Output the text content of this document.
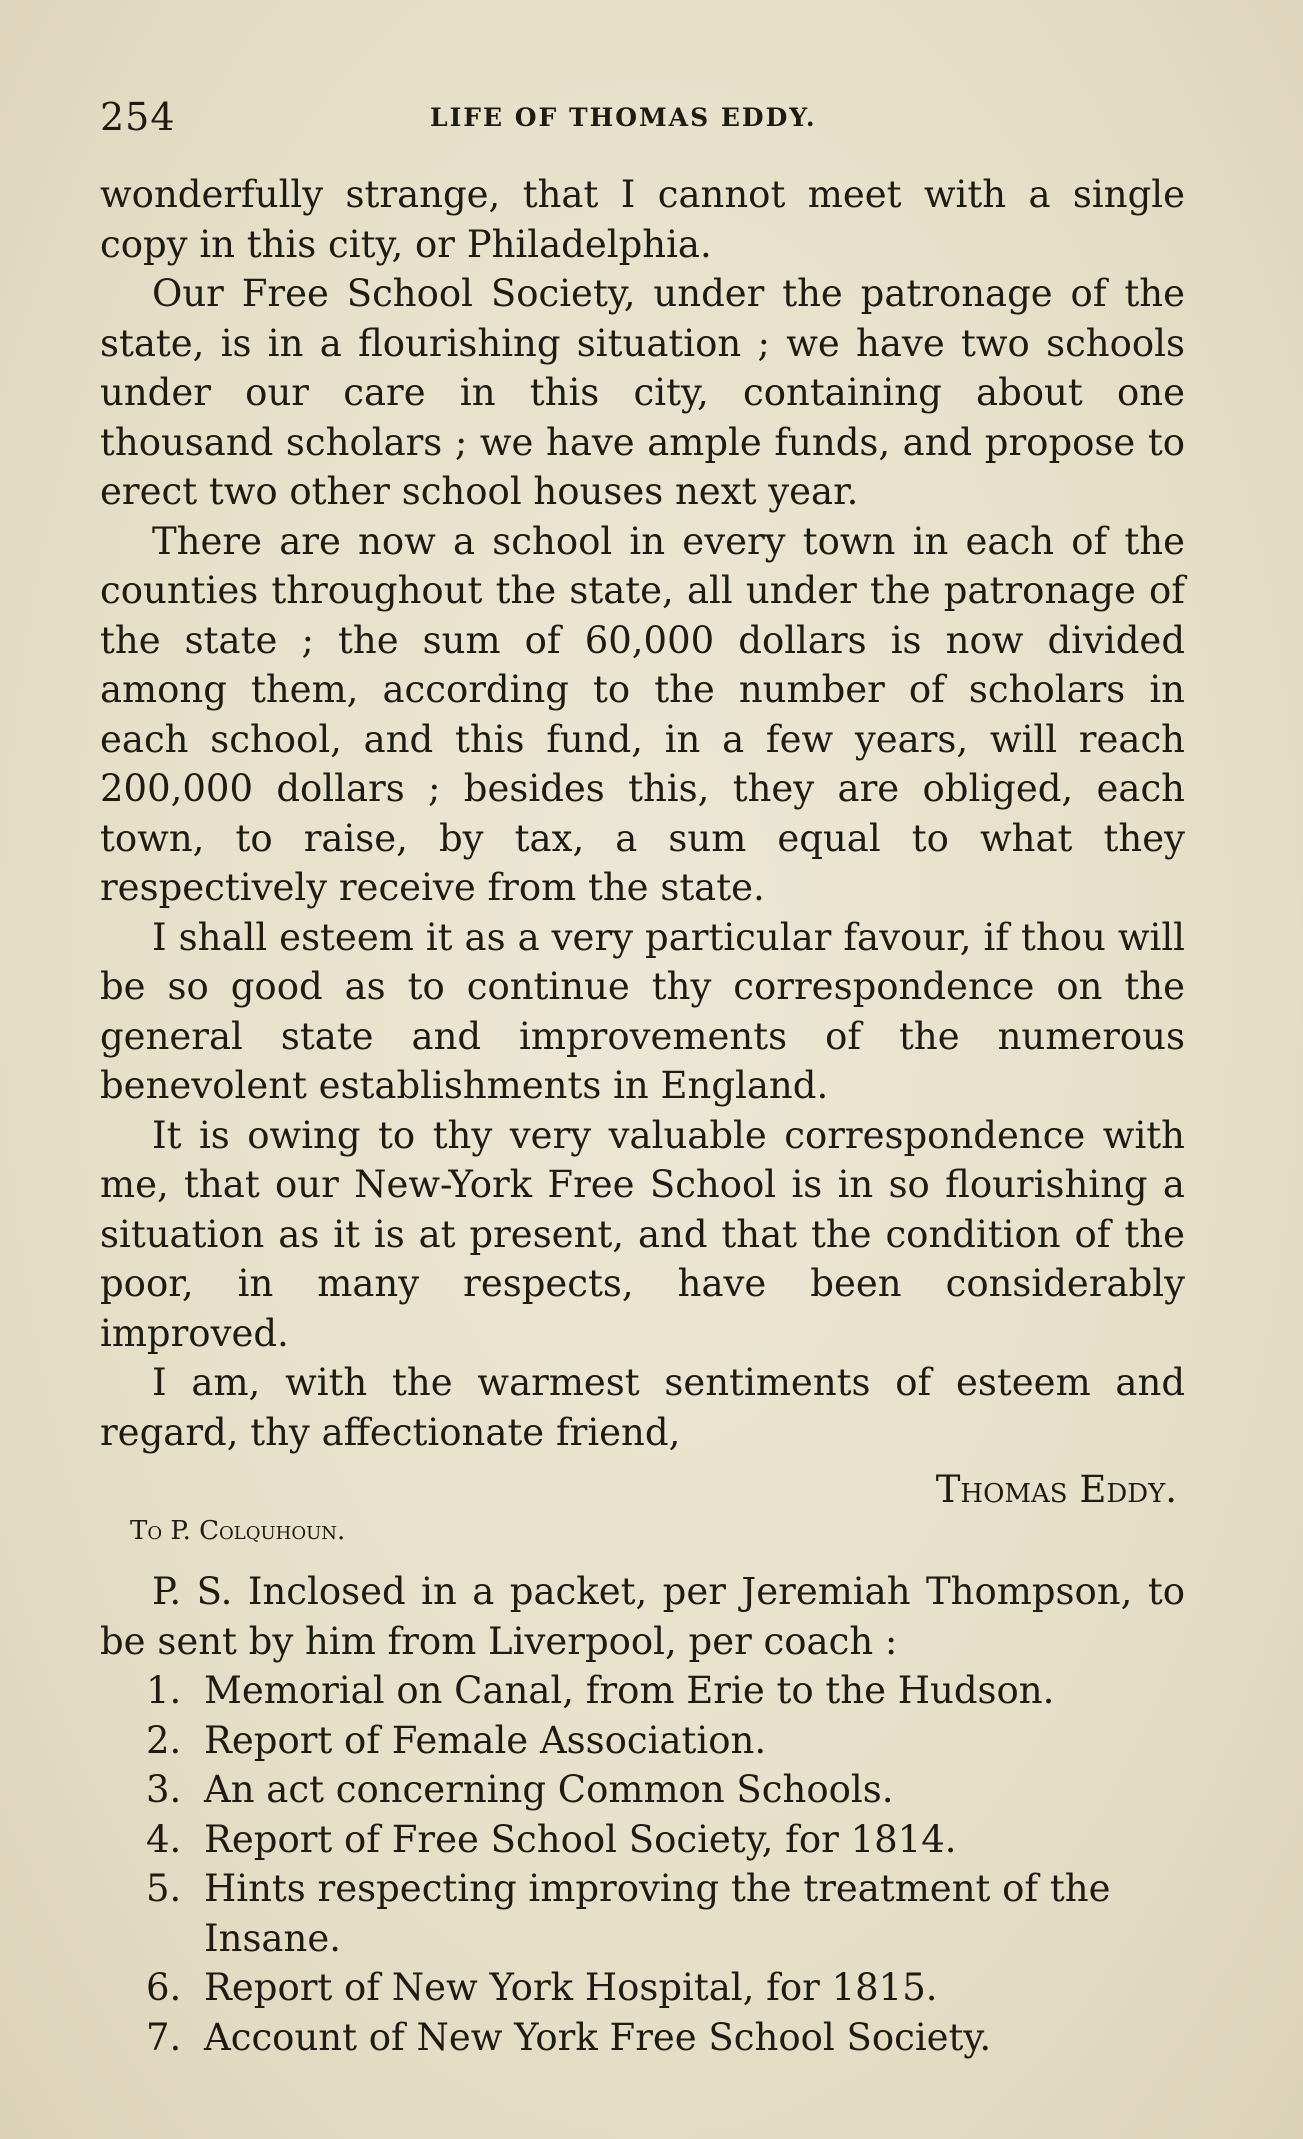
254	LIFE OF THOMAS EDDY.

wonderfully strange, that I cannot meet with a single copy in this city, or Philadelphia.

Our Free School Society, under the patronage of the state, is in a flourishing situation ; we have two schools under our care in this city, containing about one thousand scholars ; we have ample funds, and propose to erect two other school houses next year.

There are now a school in every town in each of the counties throughout the state, all under the patronage of the state ; the sum of 60,000 dollars is now divided among them, according to the number of scholars in each school, and this fund, in a few years, will reach 200,000 dollars ; besides this, they are obliged, each town, to raise, by tax, a sum equal to what they respectively receive from the state.

I shall esteem it as a very particular favour, if thou will be so good as to continue thy correspondence on the general state and improvements of the numerous benevolent establishments in England.

It is owing to thy very valuable correspondence with me, that our New-York Free School is in so flourishing a situation as it is at present, and that the condition of the poor, in many respects, have been considerably improved.

I am, with the warmest sentiments of esteem and regard, thy affectionate friend,

Thomas Eddy.
To P. Colquhoun.

P. S. Inclosed in a packet, per Jeremiah Thompson, to be sent by him from Liverpool, per coach :

1. Memorial on Canal, from Erie to the Hudson.
2. Report of Female Association.
3. An act concerning Common Schools.
4. Report of Free School Society, for 1814.
5. Hints respecting improving the treatment of the Insane.
6. Report of New York Hospital, for 1815.
7. Account of New York Free School Society.
